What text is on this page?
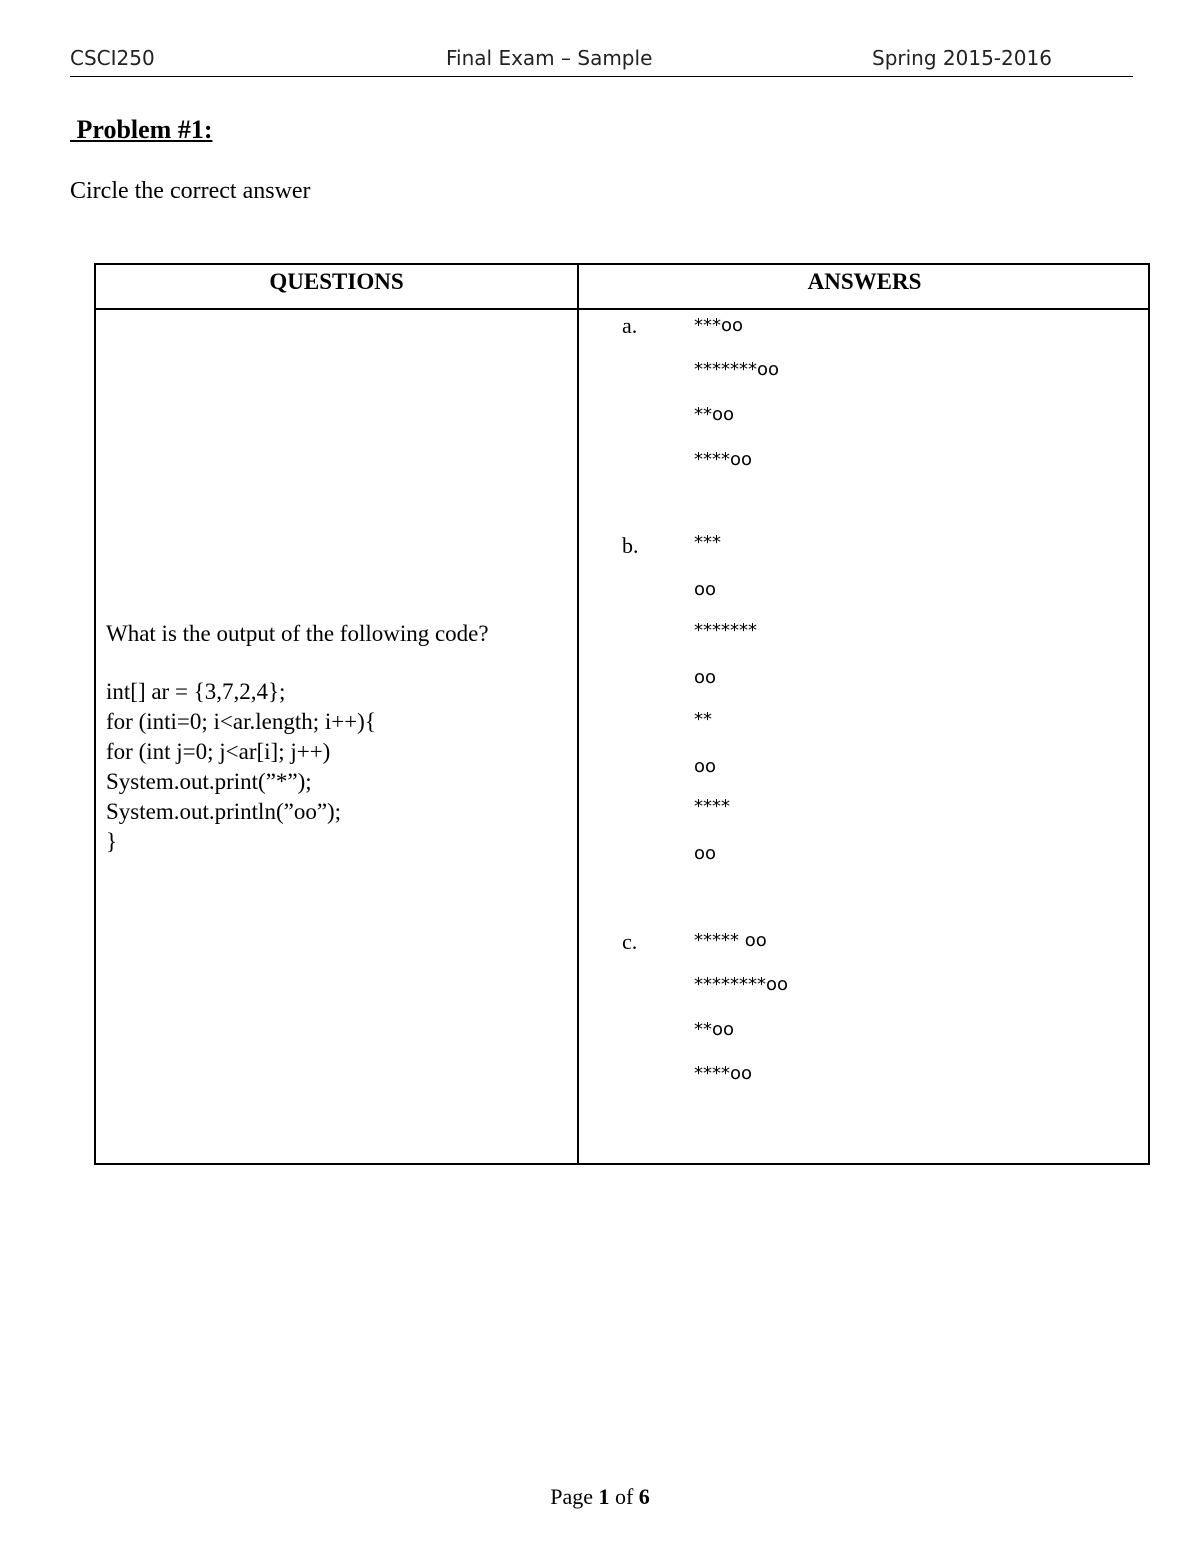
CSCI250	Final Exam – Sample	Spring 2015-2016
Problem #1:
Circle the correct answer
QUESTIONS	ANSWERS
What is the output of the following code?
int[] ar = {3,7,2,4};
for (inti=0; i<ar.length; i++){
for (int j=0; j<ar[i]; j++)
System.out.print(”*”);
System.out.println(”oo”);
}
a.	***oo
*******oo
**oo
****oo
b.	***
oo
*******
oo
**
oo
****
oo
c.	***** oo
********oo
**oo
****oo
Page 1 of 6
